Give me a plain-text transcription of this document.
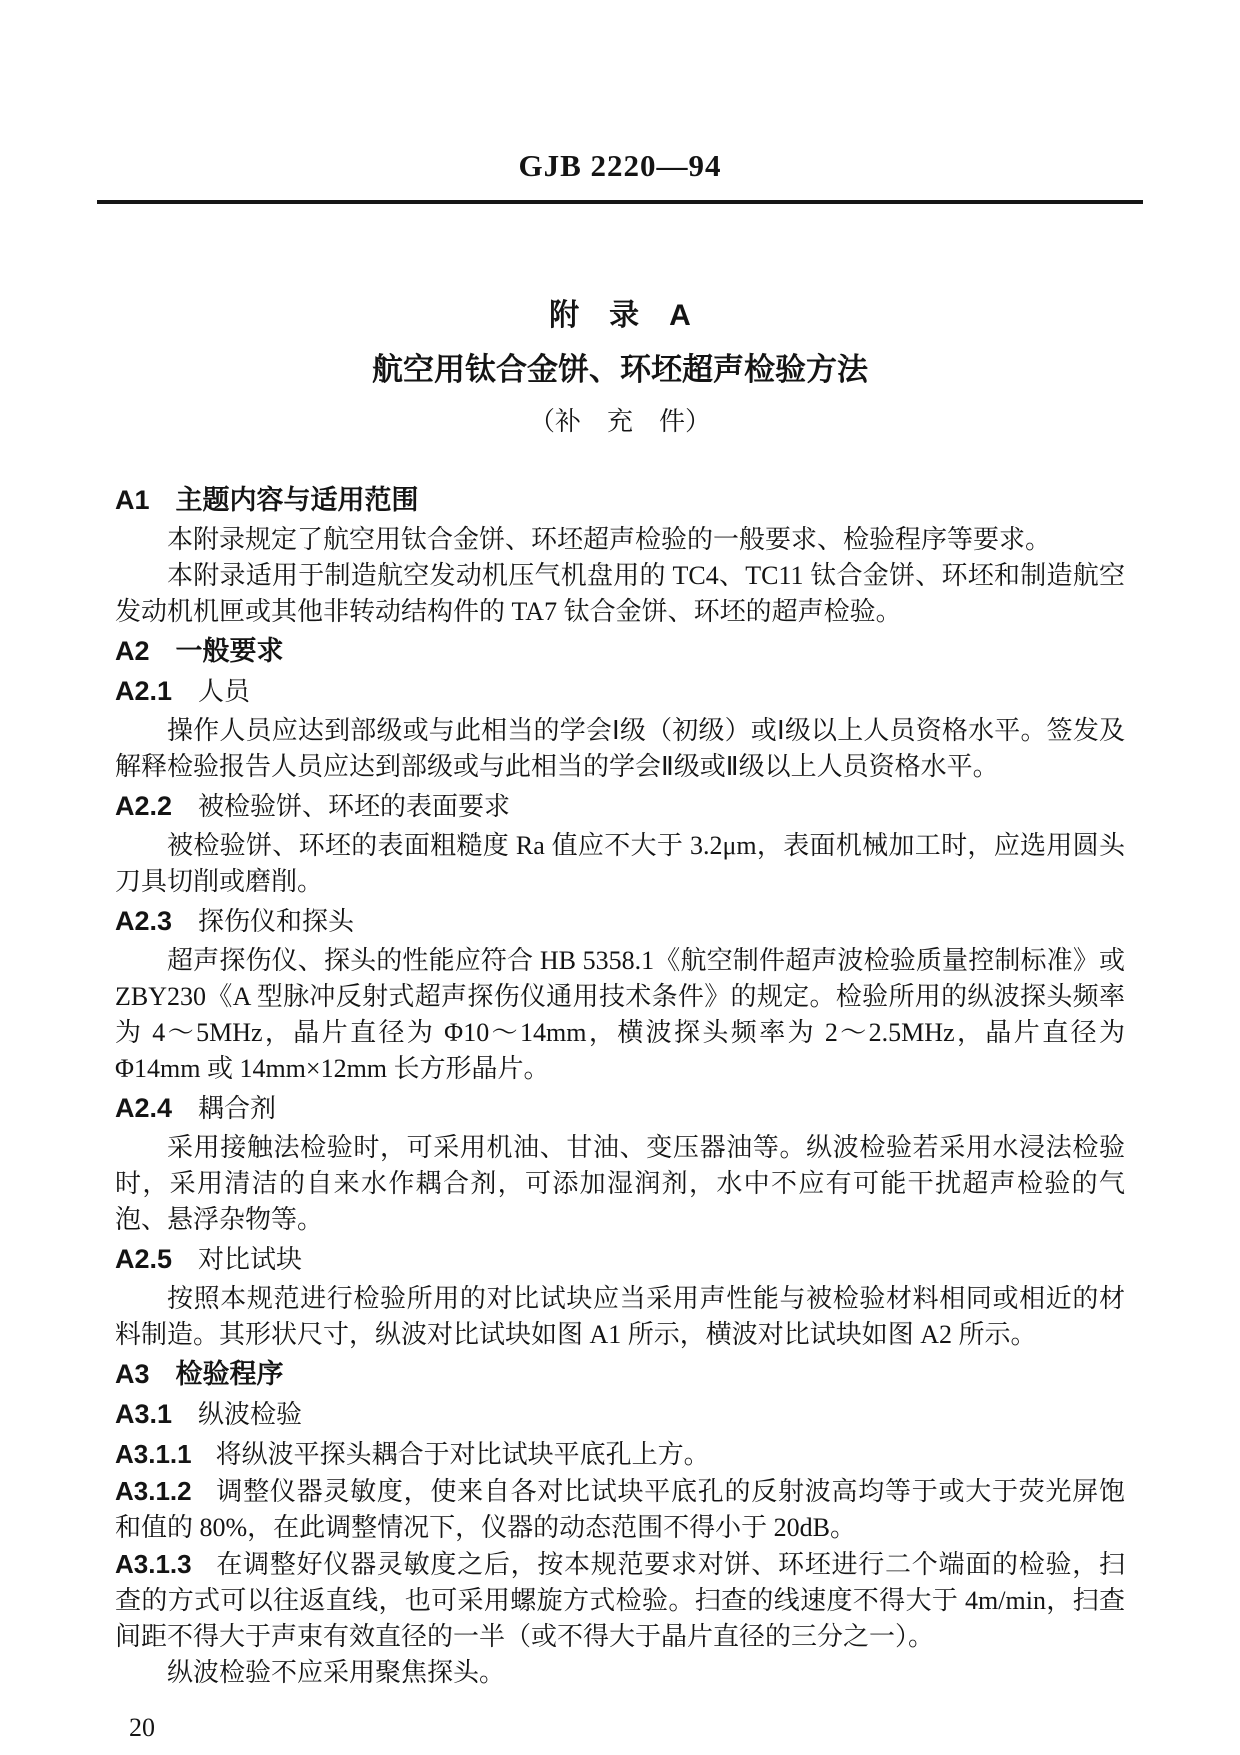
GJB 2220—94
附　录　A
航空用钛合金饼、环坯超声检验方法
（补　充　件）
A1 主题内容与适用范围

本附录规定了航空用钛合金饼、环坯超声检验的一般要求、检验程序等要求。

本附录适用于制造航空发动机压气机盘用的 TC4、TC11 钛合金饼、环坯和制造航空发动机机匣或其他非转动结构件的 TA7 钛合金饼、环坯的超声检验。

A2 一般要求
A2.1 人员

操作人员应达到部级或与此相当的学会Ⅰ级（初级）或Ⅰ级以上人员资格水平。签发及解释检验报告人员应达到部级或与此相当的学会Ⅱ级或Ⅱ级以上人员资格水平。

A2.2 被检验饼、环坯的表面要求

被检验饼、环坯的表面粗糙度 Ra 值应不大于 3.2μm，表面机械加工时，应选用圆头刀具切削或磨削。

A2.3 探伤仪和探头

超声探伤仪、探头的性能应符合 HB 5358.1《航空制件超声波检验质量控制标准》或 ZBY230《A 型脉冲反射式超声探伤仪通用技术条件》的规定。检验所用的纵波探头频率为 4～5MHz，晶片直径为 Φ10～14mm，横波探头频率为 2～2.5MHz，晶片直径为 Φ14mm 或 14mm×12mm 长方形晶片。

A2.4 耦合剂

采用接触法检验时，可采用机油、甘油、变压器油等。纵波检验若采用水浸法检验时，采用清洁的自来水作耦合剂，可添加湿润剂，水中不应有可能干扰超声检验的气泡、悬浮杂物等。

A2.5 对比试块

按照本规范进行检验所用的对比试块应当采用声性能与被检验材料相同或相近的材料制造。其形状尺寸，纵波对比试块如图 A1 所示，横波对比试块如图 A2 所示。

A3 检验程序
A3.1 纵波检验

A3.1.1 将纵波平探头耦合于对比试块平底孔上方。

A3.1.2 调整仪器灵敏度，使来自各对比试块平底孔的反射波高均等于或大于荧光屏饱和值的 80%，在此调整情况下，仪器的动态范围不得小于 20dB。

A3.1.3 在调整好仪器灵敏度之后，按本规范要求对饼、环坯进行二个端面的检验，扫查的方式可以往返直线，也可采用螺旋方式检验。扫查的线速度不得大于 4m/min，扫查间距不得大于声束有效直径的一半（或不得大于晶片直径的三分之一）。

纵波检验不应采用聚焦探头。

20
